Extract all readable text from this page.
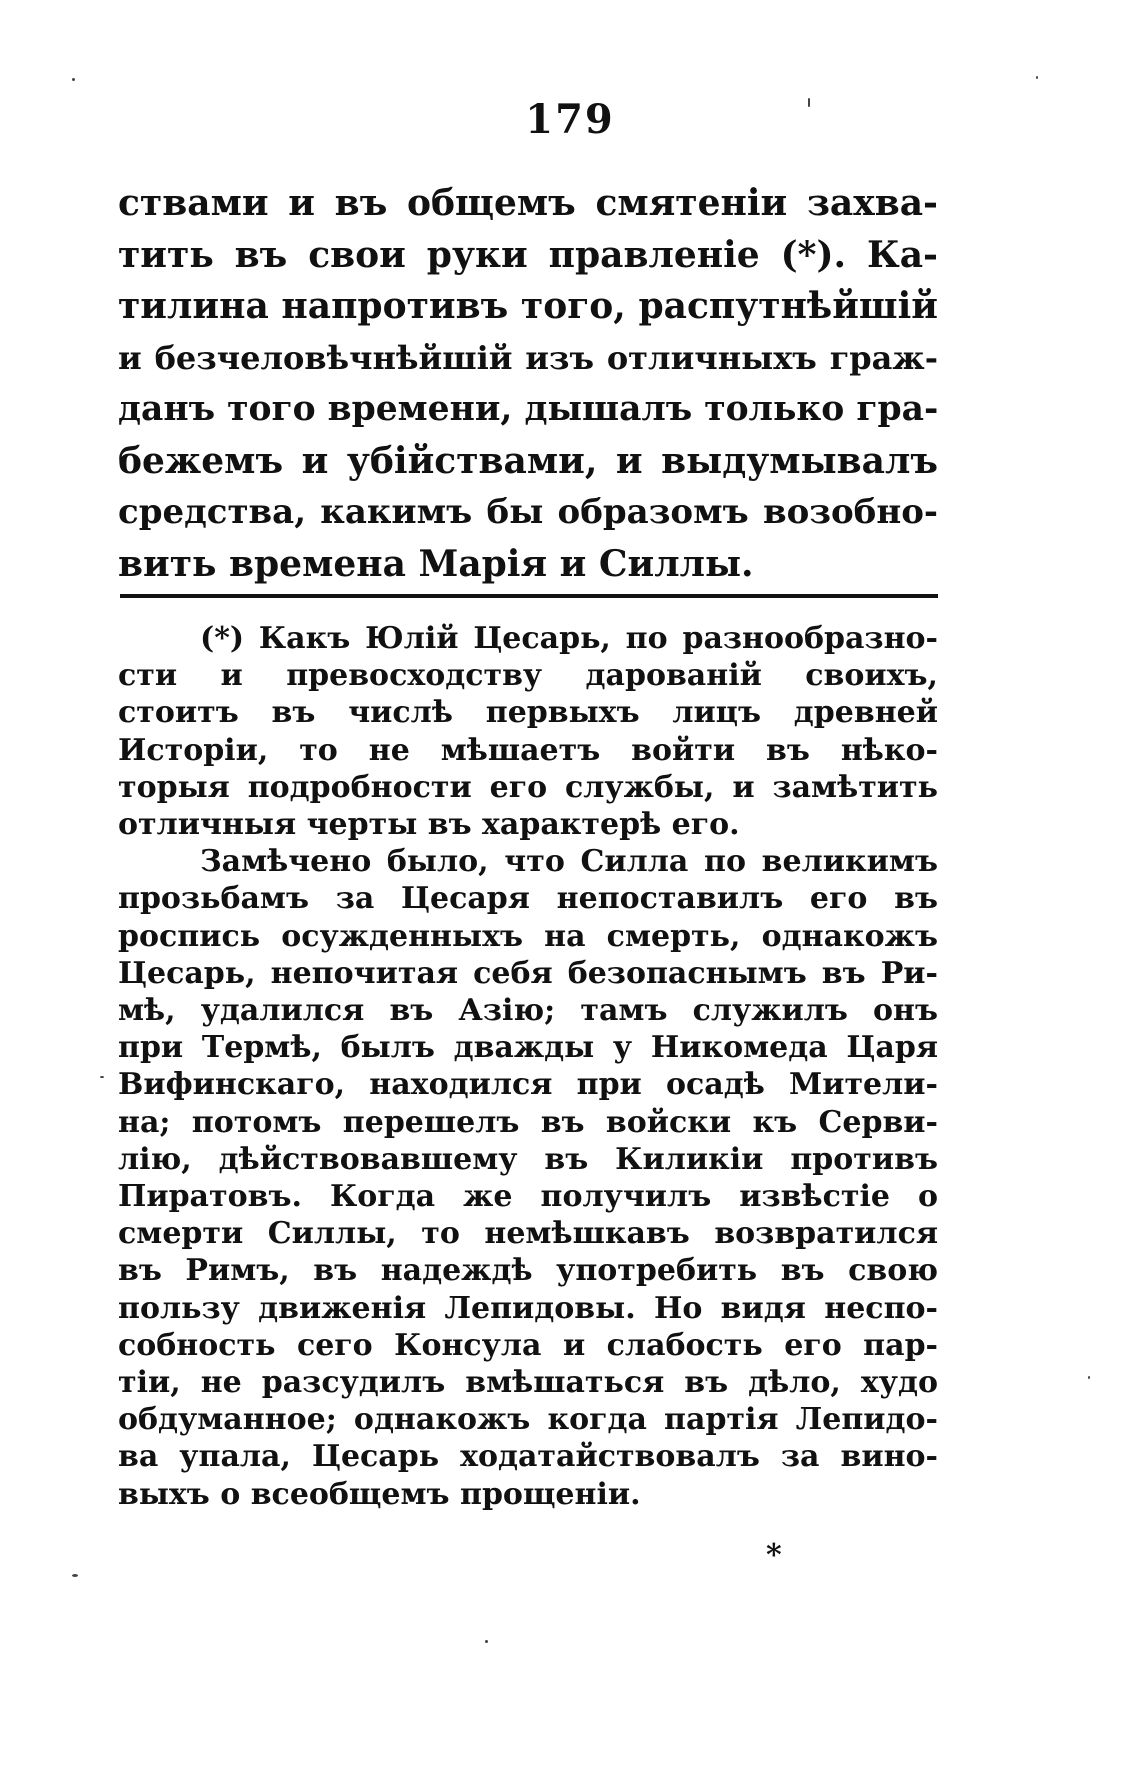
179
ствами и въ общемъ смятеніи захва-
тить въ свои руки правленіе (*). Ка-
тилина напротивъ того, распутнѣйшій
и безчеловѣчнѣйшій изъ отличныхъ граж-
данъ того времени, дышалъ только гра-
бежемъ и убійствами, и выдумывалъ
средства, какимъ бы образомъ возобно-
вить времена Марія и Силлы.
(*) Какъ Юлій Цесарь, по разнообразно-
сти и превосходству дарованій своихъ,
стоитъ въ числѣ первыхъ лицъ древней
Исторіи, то не мѣшаетъ войти въ нѣко-
торыя подробности его службы, и замѣтить
отличныя черты въ характерѣ его.
Замѣчено было, что Силла по великимъ
прозьбамъ за Цесаря непоставилъ его въ
роспись осужденныхъ на смерть, однакожъ
Цесарь, непочитая себя безопаснымъ въ Ри-
мѣ, удалился въ Азію; тамъ служилъ онъ
при Термѣ, былъ дважды у Никомеда Царя
Вифинскаго, находился при осадѣ Мители-
на; потомъ перешелъ въ войски къ Серви-
лію, дѣйствовавшему въ Киликіи противъ
Пиратовъ. Когда же получилъ извѣстіе о
смерти Силлы, то немѣшкавъ возвратился
въ Римъ, въ надеждѣ употребить въ свою
пользу движенія Лепидовы. Но видя неспо-
собность сего Консула и слабость его пар-
тіи, не разсудилъ вмѣшаться въ дѣло, худо
обдуманное; однакожъ когда партія Лепидо-
ва упала, Цесарь ходатайствовалъ за вино-
выхъ о всеобщемъ прощеніи.
*
